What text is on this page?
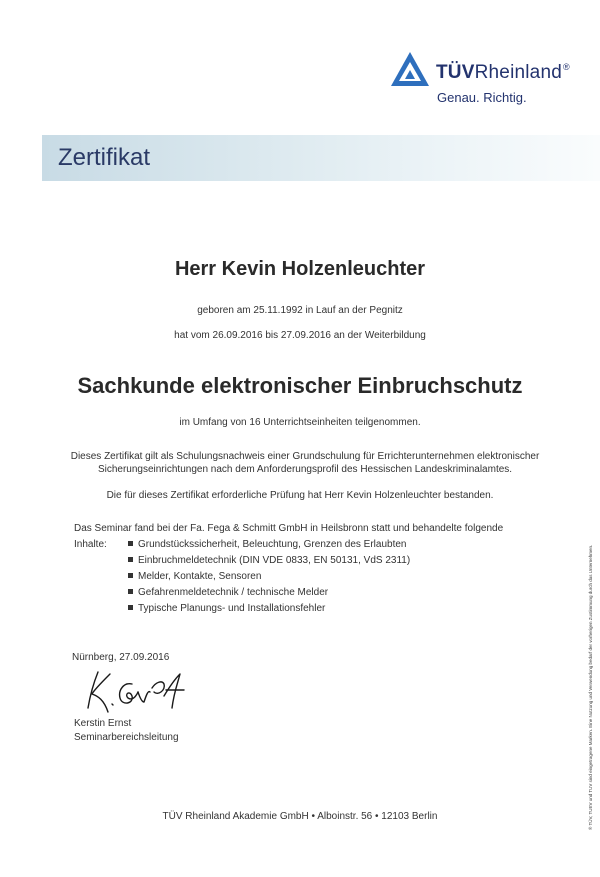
TÜVRheinland®
Genau. Richtig.
Zertifikat
Herr Kevin Holzenleuchter
geboren am 25.11.1992 in Lauf an der Pegnitz
hat vom 26.09.2016 bis 27.09.2016 an der Weiterbildung
Sachkunde elektronischer Einbruchschutz
im Umfang von 16 Unterrichtseinheiten teilgenommen.
Dieses Zertifikat gilt als Schulungsnachweis einer Grundschulung für Errichterunternehmen elektronischer Sicherungseinrichtungen nach dem Anforderungsprofil des Hessischen Landeskriminalamtes.
Die für dieses Zertifikat erforderliche Prüfung hat Herr Kevin Holzenleuchter bestanden.
Das Seminar fand bei der Fa. Fega & Schmitt GmbH in Heilsbronn statt und behandelte folgende
Inhalte:	Grundstückssicherheit, Beleuchtung, Grenzen des Erlaubten
Einbruchmeldetechnik (DIN VDE 0833, EN 50131, VdS 2311)
Melder, Kontakte, Sensoren
Gefahrenmeldetechnik / technische Melder
Typische Planungs- und Installationsfehler
Nürnberg, 27.09.2016
Kerstin Ernst
Seminarbereichsleitung
TÜV Rheinland Akademie GmbH • Alboinstr. 56 • 12103 Berlin	® TÜV, TUEV und TUV sind eingetragene Marken. Eine Nutzung und Verwendung bedarf der vorherigen Zustimmung durch das Unternehmen.
